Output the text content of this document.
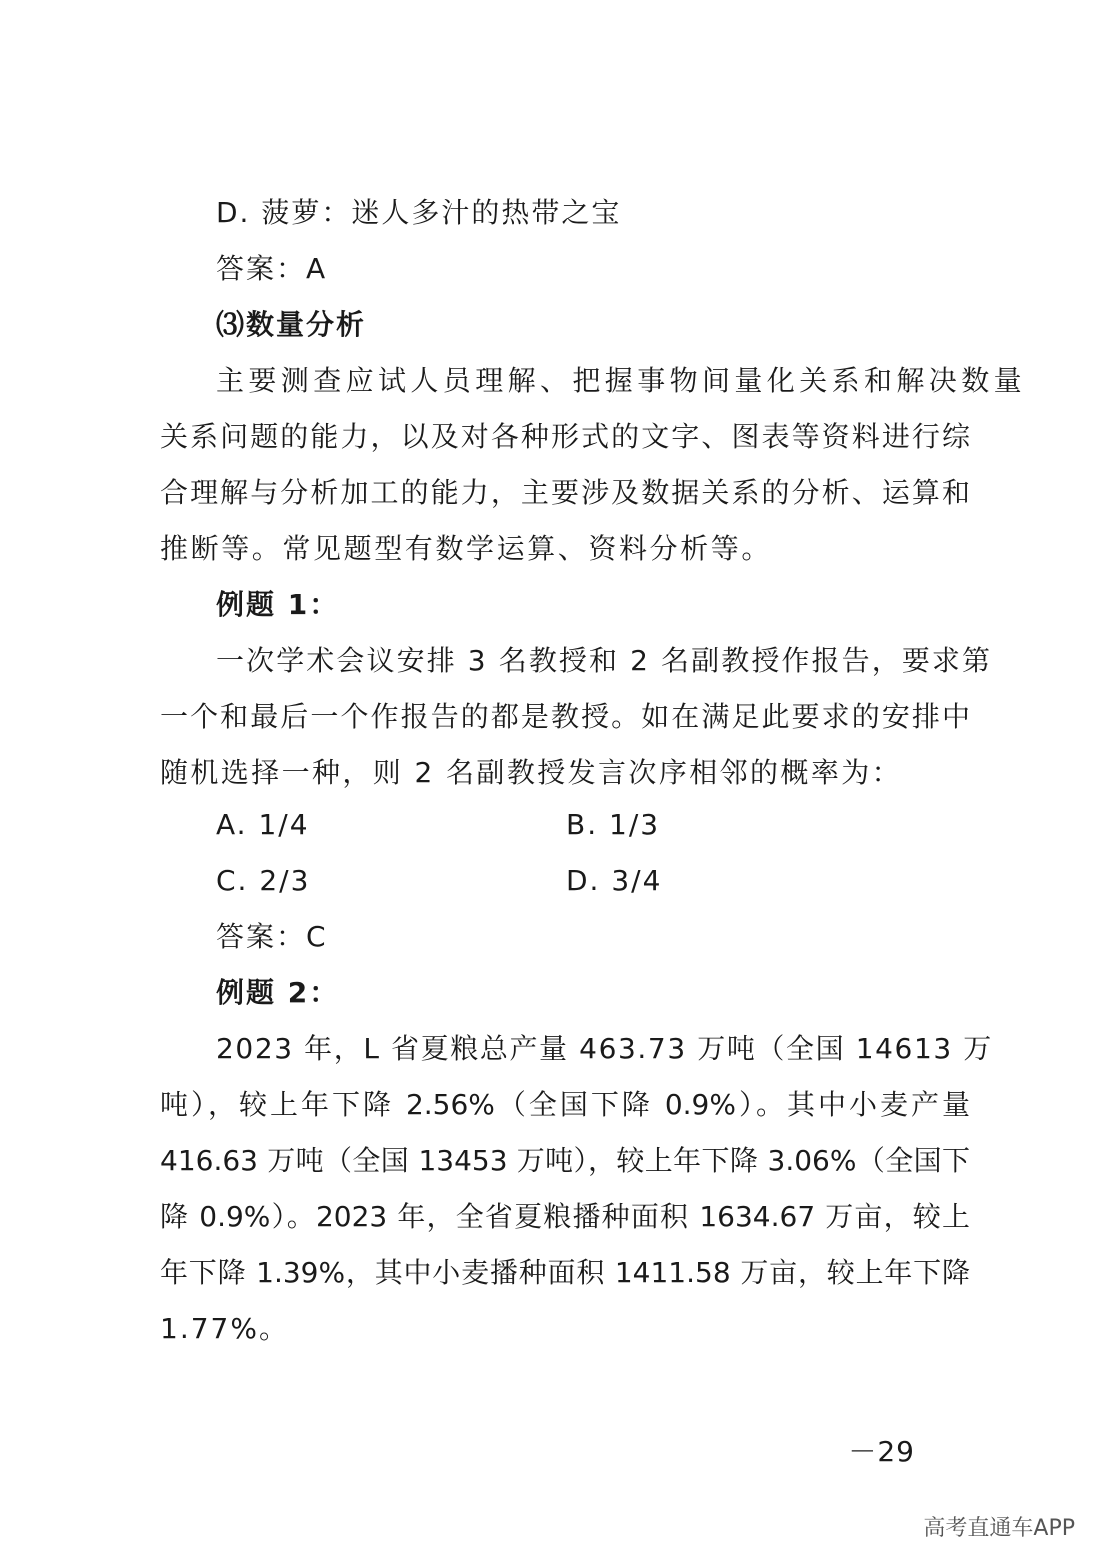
D. 菠萝：迷人多汁的热带之宝

答案：A

⑶数量分析

主要测查应试人员理解、把握事物间量化关系和解决数量

关系问题的能力，以及对各种形式的文字、图表等资料进行综

合理解与分析加工的能力，主要涉及数据关系的分析、运算和

推断等。常见题型有数学运算、资料分析等。

例题 1：

一次学术会议安排 3 名教授和 2 名副教授作报告，要求第

一个和最后一个作报告的都是教授。如在满足此要求的安排中

随机选择一种，则 2 名副教授发言次序相邻的概率为：

A. 1/4	B. 1/3

C. 2/3	D. 3/4

答案：C

例题 2：

2023 年，L 省夏粮总产量 463.73 万吨（全国 14613 万

吨），较上年下降 2.56%（全国下降 0.9%）。其中小麦产量

416.63 万吨（全国 13453 万吨），较上年下降 3.06%（全国下

降 0.9%）。2023 年，全省夏粮播种面积 1634.67 万亩，较上

年下降 1.39%，其中小麦播种面积 1411.58 万亩，较上年下降

1.77%。

－29
高考直通车APP
